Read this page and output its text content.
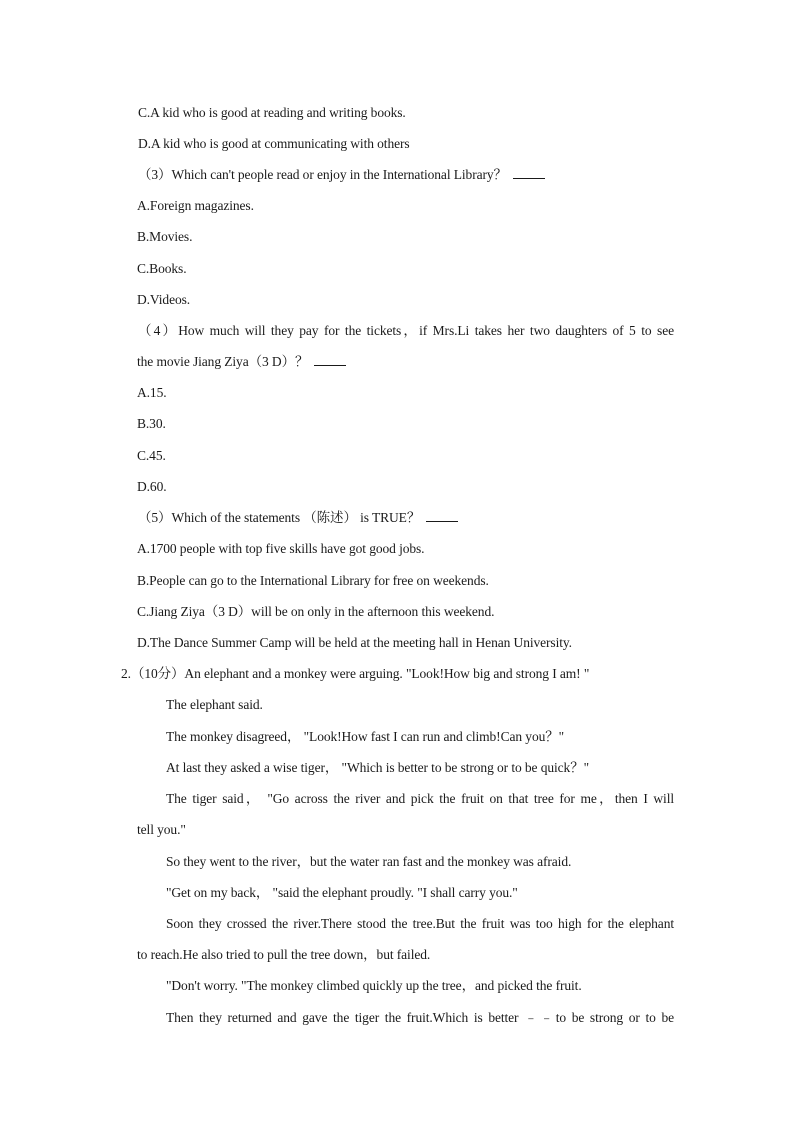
C.A kid who is good at reading and writing books.
D.A kid who is good at communicating with others
（3）Which can't people read or enjoy in the International Library？
A.Foreign magazines.
B.Movies.
C.Books.
D.Videos.
（4）How much will they pay for the tickets，if Mrs.Li takes her two daughters of 5 to see
the movie Jiang Ziya（3 D）？
A.15.
B.30.
C.45.
D.60.
（5）Which of the statements （陈述） is TRUE？
A.1700 people with top five skills have got good jobs.
B.People can go to the International Library for free on weekends.
C.Jiang Ziya（3 D）will be on only in the afternoon this weekend.
D.The Dance Summer Camp will be held at the meeting hall in Henan University.
2.（10分）An elephant and a monkey were arguing. "Look!How big and strong I am! "
The elephant said.
The monkey disagreed， "Look!How fast I can run and climb!Can you？"
At last they asked a wise tiger， "Which is better to be strong or to be quick？"
The tiger said， "Go across the river and pick the fruit on that tree for me，then I will
tell you."
So they went to the river，but the water ran fast and the monkey was afraid.
"Get on my back， "said the elephant proudly. "I shall carry you."
Soon they crossed the river.There stood the tree.But the fruit was too high for the elephant
to reach.He also tried to pull the tree down，but failed.
"Don't worry. "The monkey climbed quickly up the tree，and picked the fruit.
Then they returned and gave the tiger the fruit.Which is better ﹣﹣to be strong or to be
